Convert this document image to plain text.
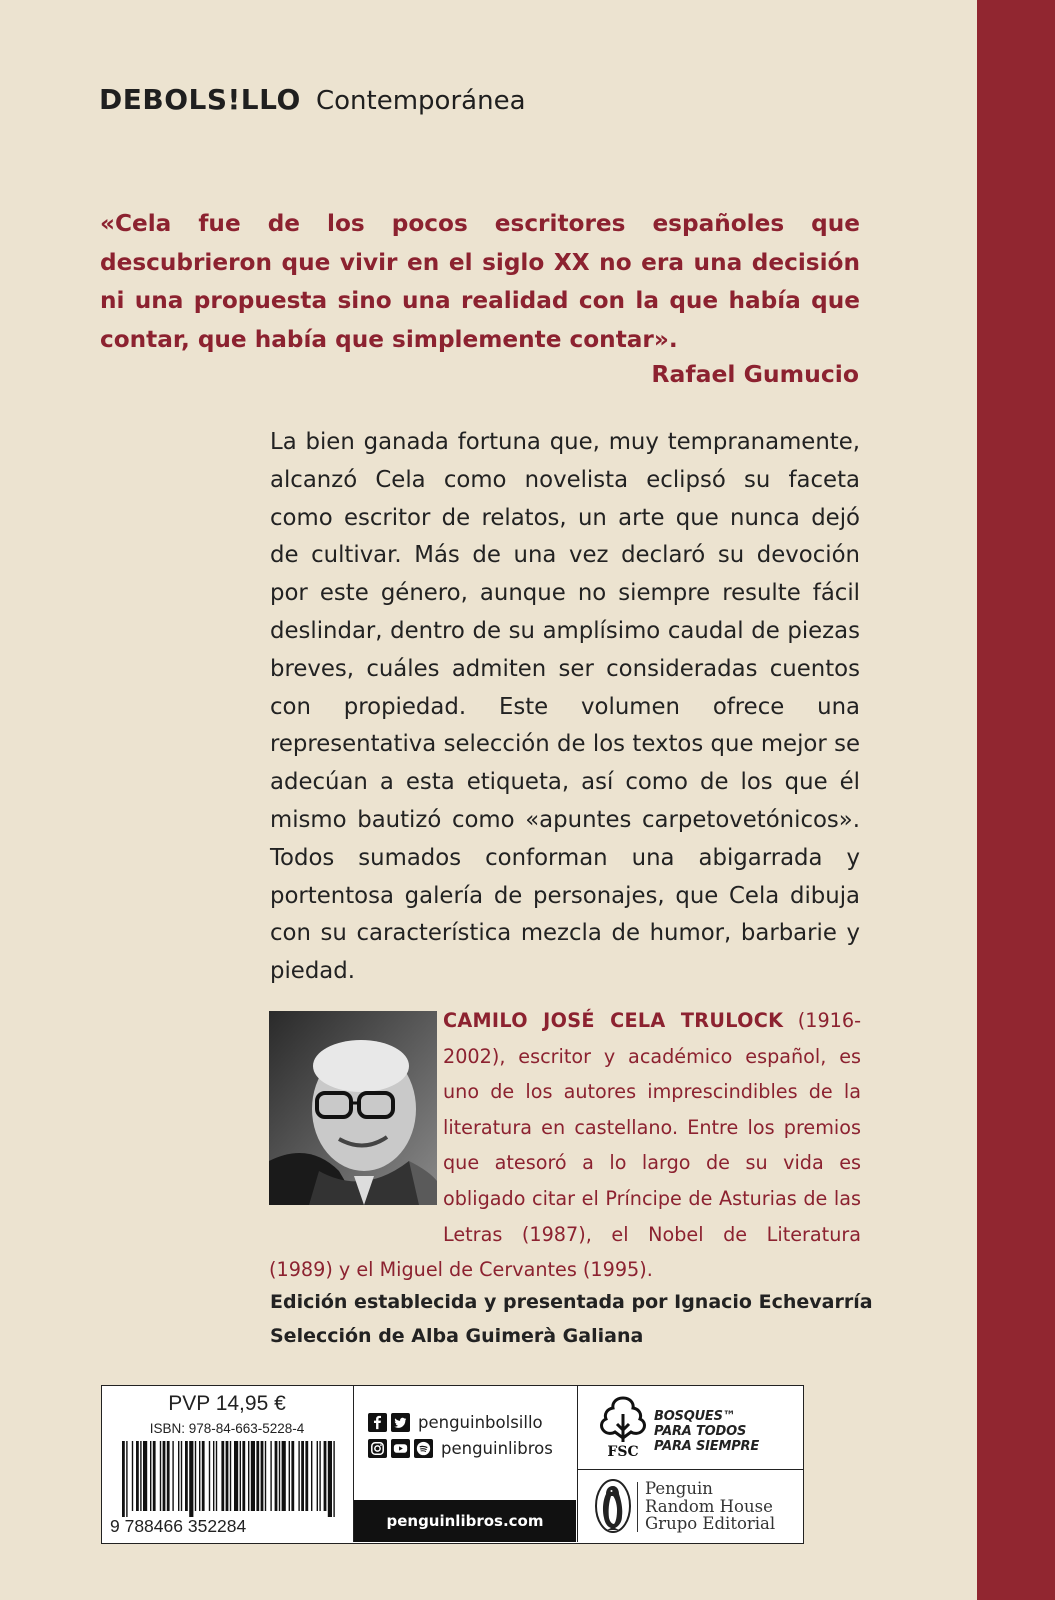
DEBOLS!LLO Contemporánea
«Cela fue de los pocos escritores españoles que descubrieron que vivir en el siglo XX no era una decisión ni una propuesta sino una realidad con la que había que contar, que había que simplemente contar».
Rafael Gumucio
La bien ganada fortuna que, muy tempranamente, alcanzó Cela como novelista eclipsó su faceta como escritor de relatos, un arte que nunca dejó de cultivar. Más de una vez declaró su devoción por este género, aunque no siempre resulte fácil deslindar, dentro de su amplísimo caudal de piezas breves, cuáles admiten ser consideradas cuentos con propiedad. Este volumen ofrece una representativa selección de los textos que mejor se adecúan a esta etiqueta, así como de los que él mismo bautizó como «apuntes carpetovetónicos». Todos sumados conforman una abigarrada y portentosa galería de personajes, que Cela dibuja con su característica mezcla de humor, barbarie y piedad.
CAMILO JOSÉ CELA TRULOCK (1916-2002), escritor y académico español, es uno de los autores imprescindibles de la literatura en castellano. Entre los premios que atesoró a lo largo de su vida es obligado citar el Príncipe de Asturias de las Letras (1987), el Nobel de Literatura (1989) y el Miguel de Cervantes (1995).
Edición establecida y presentada por Ignacio Echevarría
Selección de Alba Guimerà Galiana
PVP 14,95 €
ISBN: 978-84-663-5228-4
9 788466 352284
penguinbolsillo
penguinlibros
penguinlibros.com
FSC
BOSQUES™
PARA TODOS
PARA SIEMPRE
Penguin
Random House
Grupo Editorial
